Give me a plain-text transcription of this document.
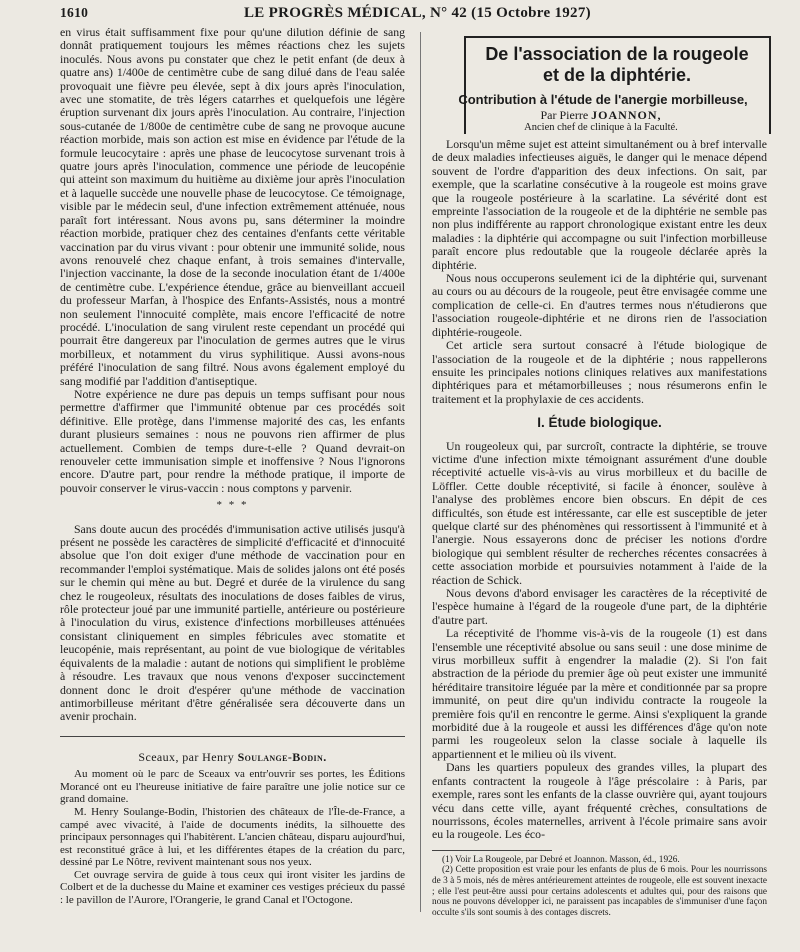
1610	LE PROGRÈS MÉDICAL, N° 42 (15 Octobre 1927)

en virus était suffisamment fixe pour qu'une dilution définie de sang donnât pratiquement toujours les mêmes réactions chez les sujets inoculés. Nous avons pu constater que chez le petit enfant (de deux à quatre ans) 1/400e de centimètre cube de sang dilué dans de l'eau salée provoquait une fièvre peu élevée, sept à dix jours après l'inoculation, avec une stomatite, de très légers catarrhes et quelquefois une légère éruption survenant dix jours après l'inoculation. Au contraire, l'injection sous-cutanée de 1/800e de centimètre cube de sang ne provoque aucune réaction morbide, mais son action est mise en évidence par l'étude de la formule leucocytaire : après une phase de leucocytose survenant trois à quatre jours après l'inoculation, commence une période de leucopénie qui atteint son maximum du huitième au dixième jour après l'inoculation et à laquelle succède une nouvelle phase de leucocytose. Ce témoignage, visible par le médecin seul, d'une infection extrêmement atténuée, nous paraît fort intéressant. Nous avons pu, sans déterminer la moindre réaction morbide, pratiquer chez des centaines d'enfants cette véritable vaccination par du virus vivant : pour obtenir une immunité solide, nous avons renouvelé chez chaque enfant, à trois semaines d'intervalle, l'injection vaccinante, la dose de la seconde inoculation étant de 1/400e de centimètre cube. L'expérience étendue, grâce au bienveillant accueil du professeur Marfan, à l'hospice des Enfants-Assistés, nous a montré non seulement l'innocuité complète, mais encore l'efficacité de notre procédé. L'inoculation de sang virulent reste cependant un procédé qui pourrait être dangereux par l'inoculation de germes autres que le virus morbilleux, et notamment du virus syphilitique. Aussi avons-nous préféré l'inoculation de sang filtré. Nous avons également employé du sang modifié par l'addition d'antiseptique.

Notre expérience ne dure pas depuis un temps suffisant pour nous permettre d'affirmer que l'immunité obtenue par ces procédés soit définitive. Elle protège, dans l'immense majorité des cas, les enfants durant plusieurs semaines : nous ne pouvons rien affirmer de plus actuellement. Combien de temps dure-t-elle ? Quand devrait-on renouveler cette immunisation simple et inoffensive ? Nous l'ignorons encore. D'autre part, pour rendre la méthode pratique, il importe de pouvoir conserver le virus-vaccin : nous comptons y parvenir.

* * *

Sans doute aucun des procédés d'immunisation active utilisés jusqu'à présent ne possède les caractères de simplicité d'efficacité et d'innocuité absolue que l'on doit exiger d'une méthode de vaccination pour en recommander l'emploi systématique. Mais de solides jalons ont été posés sur le chemin qui mène au but. Degré et durée de la virulence du sang chez le rougeoleux, résultats des inoculations de doses faibles de virus, rôle protecteur joué par une immunité partielle, antérieure ou postérieure à l'inoculation du virus, existence d'infections morbilleuses atténuées consistant cliniquement en simples fébricules avec stomatite et leucopénie, mais représentant, au point de vue biologique de véritables équivalents de la maladie : autant de notions qui simplifient le problème à résoudre. Les travaux que nous venons d'exposer succinctement donnent donc le droit d'espérer qu'une méthode de vaccination antimorbilleuse méritant d'être généralisée sera découverte dans un avenir prochain.

Sceaux, par Henry Soulange-Bodin.

Au moment où le parc de Sceaux va entr'ouvrir ses portes, les Éditions Morancé ont eu l'heureuse initiative de faire paraître une jolie notice sur ce grand domaine.

M. Henry Soulange-Bodin, l'historien des châteaux de l'Île-de-France, a campé avec vivacité, à l'aide de documents inédits, la silhouette des principaux personnages qui l'habitèrent. L'ancien château, disparu aujourd'hui, est reconstitué grâce à lui, et les différentes étapes de la création du parc, dessiné par Le Nôtre, revivent maintenant sous nos yeux.

Cet ouvrage servira de guide à tous ceux qui iront visiter les jardins de Colbert et de la duchesse du Maine et examiner ces vestiges précieux du passé : le pavillon de l'Aurore, l'Orangerie, le grand Canal et l'Octogone.

De l'association de la rougeole
et de la diphtérie.
Contribution à l'étude de l'anergie morbilleuse,
Par Pierre JOANNON,
Ancien chef de clinique à la Faculté.

Lorsqu'un même sujet est atteint simultanément ou à bref intervalle de deux maladies infectieuses aiguës, le danger qui le menace dépend souvent de l'ordre d'apparition des deux infections. On sait, par exemple, que la scarlatine consécutive à la rougeole est moins grave que la rougeole postérieure à la scarlatine. La sévérité dont est empreinte l'association de la rougeole et de la diphtérie ne semble pas non plus indifférente au rapport chronologique existant entre les deux maladies : la diphtérie qui accompagne ou suit l'infection morbilleuse paraît encore plus redoutable que la rougeole déclarée après la diphtérie.

Nous nous occuperons seulement ici de la diphtérie qui, survenant au cours ou au décours de la rougeole, peut être envisagée comme une complication de celle-ci. En d'autres termes nous n'étudierons que l'association rougeole-diphtérie et ne dirons rien de l'association diphtérie-rougeole.

Cet article sera surtout consacré à l'étude biologique de l'association de la rougeole et de la diphtérie ; nous rappellerons ensuite les principales notions cliniques relatives aux manifestations diphtériques para et métamorbilleuses ; nous résumerons enfin le traitement et la prophylaxie de ces accidents.

I. Étude biologique.

Un rougeoleux qui, par surcroît, contracte la diphtérie, se trouve victime d'une infection mixte témoignant assurément d'une double réceptivité actuelle vis-à-vis au virus morbilleux et du bacille de Löffler. Cette double réceptivité, si facile à énoncer, soulève à l'analyse des problèmes encore bien obscurs. En dépit de ces difficultés, son étude est intéressante, car elle est susceptible de jeter quelque clarté sur des phénomènes qui ressortissent à l'immunité et à l'anergie. Nous essayerons donc de préciser les notions d'ordre biologique qui semblent résulter de recherches récentes consacrées à cette association morbide et poursuivies notamment à l'aide de la réaction de Schick.

Nous devons d'abord envisager les caractères de la réceptivité de l'espèce humaine à l'égard de la rougeole d'une part, de la diphtérie d'autre part.

La réceptivité de l'homme vis-à-vis de la rougeole (1) est dans l'ensemble une réceptivité absolue ou sans seuil : une dose minime de virus morbilleux suffit à engendrer la maladie (2). Si l'on fait abstraction de la période du premier âge où peut exister une immunité héréditaire transitoire léguée par la mère et conditionnée par sa propre immunité, on peut dire qu'un individu contracte la rougeole la première fois qu'il en rencontre le germe. Ainsi s'expliquent la grande morbidité due à la rougeole et aussi les différences d'âge qu'on note parmi les rougeoleux selon la classe sociale à laquelle ils appartiennent et le milieu où ils vivent.

Dans les quartiers populeux des grandes villes, la plupart des enfants contractent la rougeole à l'âge préscolaire : à Paris, par exemple, rares sont les enfants de la classe ouvrière qui, ayant toujours vécu dans cette ville, ayant fréquenté crèches, consultations de nourrissons, écoles maternelles, arrivent à l'école primaire sans avoir eu la rougeole. Les éco-

(1) Voir La Rougeole, par Debré et Joannon. Masson, éd., 1926.

(2) Cette proposition est vraie pour les enfants de plus de 6 mois. Pour les nourrissons de 3 à 5 mois, nés de mères antérieurement atteintes de rougeole, elle est souvent inexacte ; elle l'est peut-être aussi pour certains adolescents et adultes qui, pour des raisons que nous ne pouvons développer ici, ne paraissent pas incapables de s'immuniser d'une façon occulte s'ils sont soumis à des contages discrets.
